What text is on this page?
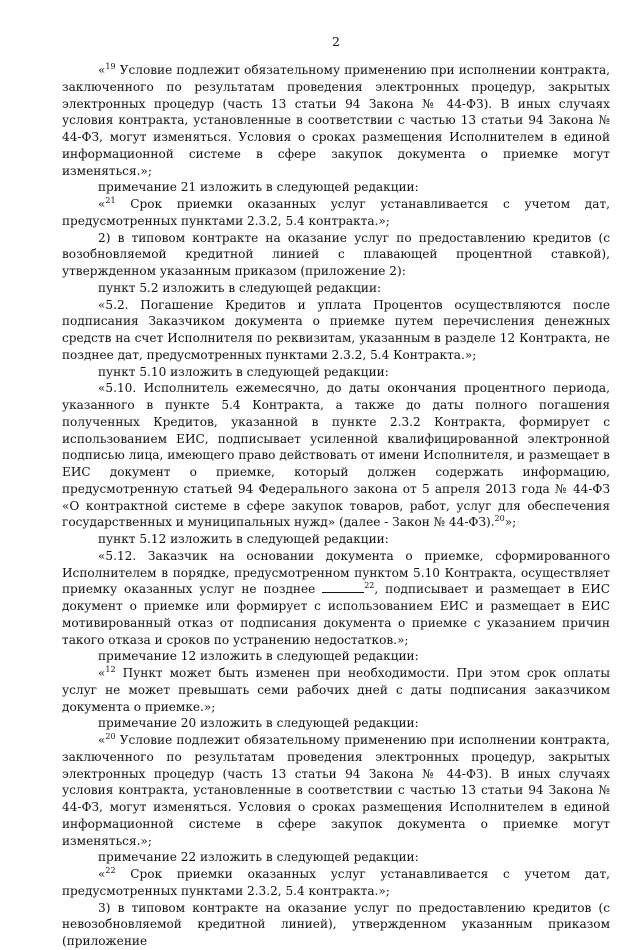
2

«$^{19}$ Условие подлежит обязательному применению при исполнении контракта, заключенного по результатам проведения электронных процедур, закрытых электронных процедур (часть 13 статьи 94 Закона № 44-ФЗ). В иных случаях условия контракта, установленные в соответствии с частью 13 статьи 94 Закона № 44-ФЗ, могут изменяться. Условия о сроках размещения Исполнителем в единой информационной системе в сфере закупок документа о приемке могут изменяться.»;

примечание 21 изложить в следующей редакции:

«$^{21}$ Срок приемки оказанных услуг устанавливается с учетом дат, предусмотренных пунктами 2.3.2, 5.4 контракта.»;

2) в типовом контракте на оказание услуг по предоставлению кредитов (с возобновляемой кредитной линией с плавающей процентной ставкой), утвержденном указанным приказом (приложение 2):

пункт 5.2 изложить в следующей редакции:

«5.2. Погашение Кредитов и уплата Процентов осуществляются после подписания Заказчиком документа о приемке путем перечисления денежных средств на счет Исполнителя по реквизитам, указанным в разделе 12 Контракта, не позднее дат, предусмотренных пунктами 2.3.2, 5.4 Контракта.»;

пункт 5.10 изложить в следующей редакции:

«5.10. Исполнитель ежемесячно, до даты окончания процентного периода, указанного в пункте 5.4 Контракта, а также до даты полного погашения полученных Кредитов, указанной в пункте 2.3.2 Контракта, формирует с использованием ЕИС, подписывает усиленной квалифицированной электронной подписью лица, имеющего право действовать от имени Исполнителя, и размещает в ЕИС документ о приемке, который должен содержать информацию, предусмотренную статьей 94 Федерального закона от 5 апреля 2013 года № 44-ФЗ «О контрактной системе в сфере закупок товаров, работ, услуг для обеспечения государственных и муниципальных нужд» (далее - Закон № 44-ФЗ).$^{20}$»;

пункт 5.12 изложить в следующей редакции:

«5.12. Заказчик на основании документа о приемке, сформированного Исполнителем в порядке, предусмотренном пунктом 5.10 Контракта, осуществляет приемку оказанных услуг не позднее	$^{22}$, подписывает и размещает в ЕИС документ о приемке или формирует с использованием ЕИС и размещает в ЕИС мотивированный отказ от подписания документа о приемке с указанием причин такого отказа и сроков по устранению недостатков.»;

примечание 12 изложить в следующей редакции:

«$^{12}$ Пункт может быть изменен при необходимости. При этом срок оплаты услуг не может превышать семи рабочих дней с даты подписания заказчиком документа о приемке.»;

примечание 20 изложить в следующей редакции:

«$^{20}$ Условие подлежит обязательному применению при исполнении контракта, заключенного по результатам проведения электронных процедур, закрытых электронных процедур (часть 13 статьи 94 Закона № 44-ФЗ). В иных случаях условия контракта, установленные в соответствии с частью 13 статьи 94 Закона № 44-ФЗ, могут изменяться. Условия о сроках размещения Исполнителем в единой информационной системе в сфере закупок документа о приемке могут изменяться.»;

примечание 22 изложить в следующей редакции:

«$^{22}$ Срок приемки оказанных услуг устанавливается с учетом дат, предусмотренных пунктами 2.3.2, 5.4 контракта.»;

3) в типовом контракте на оказание услуг по предоставлению кредитов (с невозобновляемой кредитной линией), утвержденном указанным приказом (приложение
